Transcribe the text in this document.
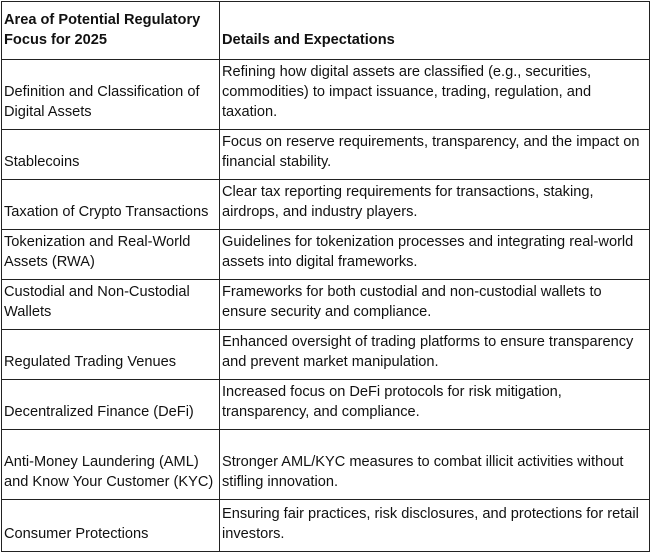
Area of Potential Regulatory Focus for 2025	Details and Expectations
Definition and Classification of Digital Assets	Refining how digital assets are classified (e.g., securities, commodities) to impact issuance, trading, regulation, and taxation.
Stablecoins	Focus on reserve requirements, transparency, and the impact on financial stability.
Taxation of Crypto Transactions	Clear tax reporting requirements for transactions, staking, airdrops, and industry players.
Tokenization and Real-World Assets (RWA)	Guidelines for tokenization processes and integrating real-world assets into digital frameworks.
Custodial and Non-Custodial Wallets	Frameworks for both custodial and non-custodial wallets to ensure security and compliance.
Regulated Trading Venues	Enhanced oversight of trading platforms to ensure transparency and prevent market manipulation.
Decentralized Finance (DeFi)	Increased focus on DeFi protocols for risk mitigation, transparency, and compliance.
Anti-Money Laundering (AML) and Know Your Customer (KYC)	Stronger AML/KYC measures to combat illicit activities without stifling innovation.
Consumer Protections	Ensuring fair practices, risk disclosures, and protections for retail investors.
